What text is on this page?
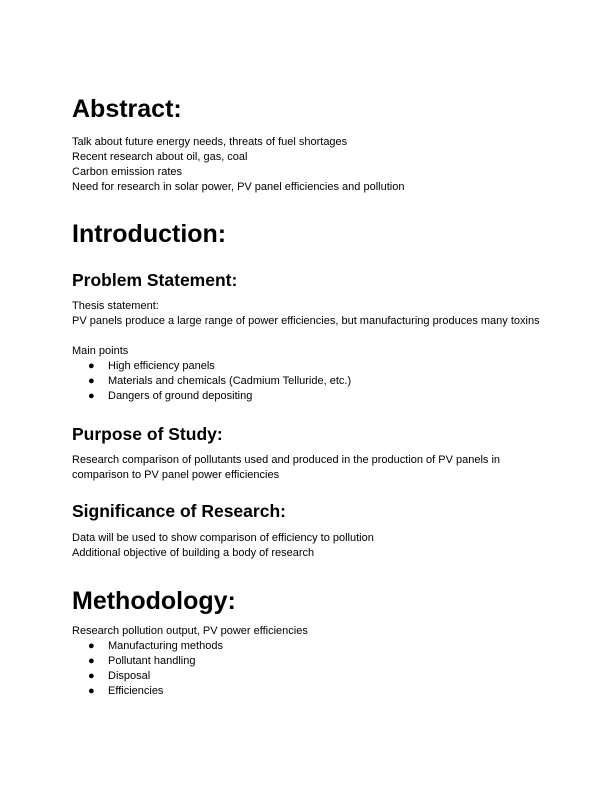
Abstract:

Talk about future energy needs, threats of fuel shortages

Recent research about oil, gas, coal

Carbon emission rates

Need for research in solar power, PV panel efficiencies and pollution

Introduction:
Problem Statement:

Thesis statement:

PV panels produce a large range of power efficiencies, but manufacturing produces many toxins

Main points

● High efficiency panels
● Materials and chemicals (Cadmium Telluride, etc.)
● Dangers of ground depositing
Purpose of Study:

Research comparison of pollutants used and produced in the production of PV panels in

comparison to PV panel power efficiencies

Significance of Research:

Data will be used to show comparison of efficiency to pollution

Additional objective of building a body of research

Methodology:

Research pollution output, PV power efficiencies

● Manufacturing methods
● Pollutant handling
● Disposal
● Efficiencies
